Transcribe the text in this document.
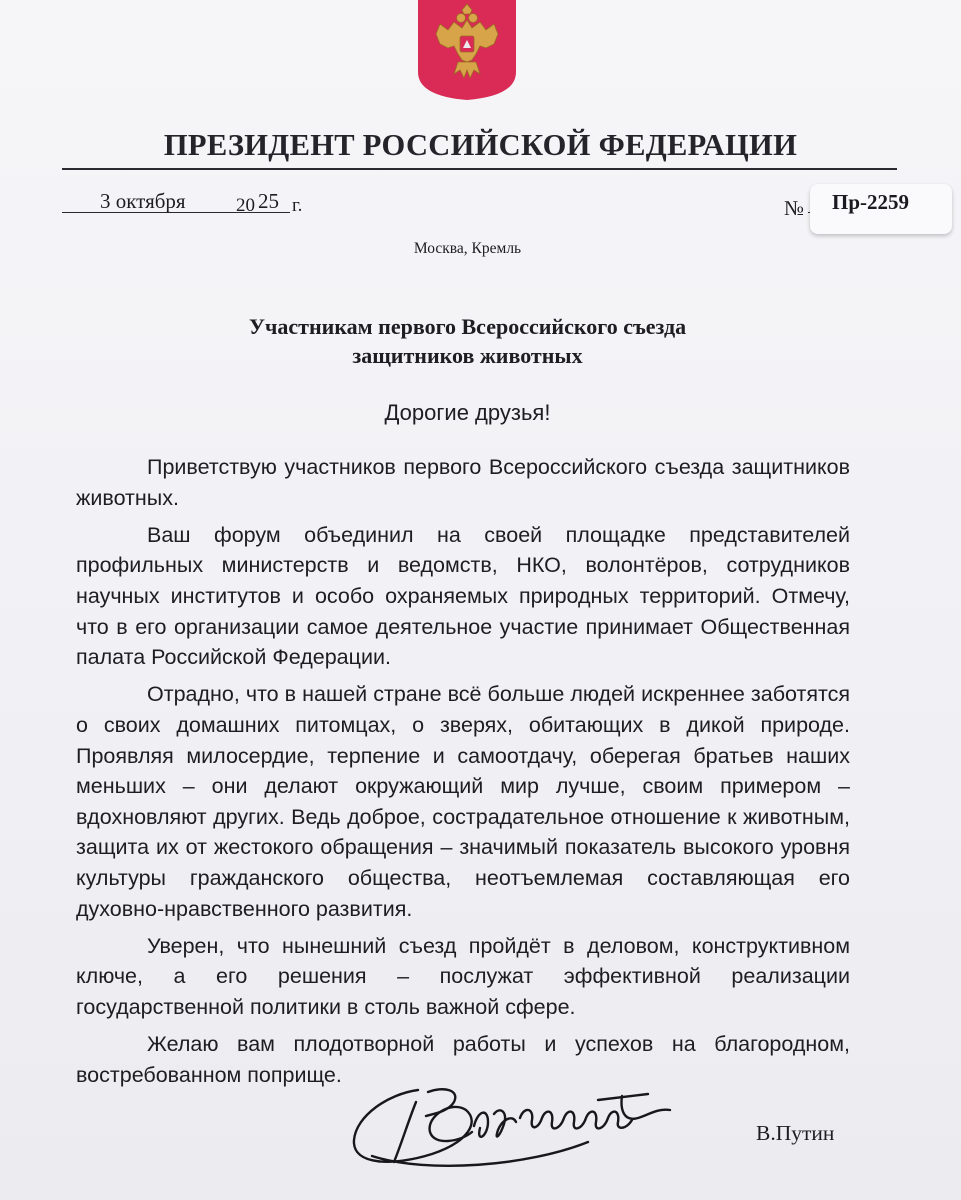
ПРЕЗИДЕНТ РОССИЙСКОЙ ФЕДЕРАЦИИ
3 октября	20 25 г.	№ Пр-2259
Москва, Кремль
Участникам первого Всероссийского съезда
защитников животных
Дорогие друзья!

Приветствую участников первого Всероссийского съезда защитников животных.

Ваш форум объединил на своей площадке представителей профильных министерств и ведомств, НКО, волонтёров, сотрудников научных институтов и особо охраняемых природных территорий. Отмечу, что в его организации самое деятельное участие принимает Общественная палата Российской Федерации.

Отрадно, что в нашей стране всё больше людей искреннее заботятся о своих домашних питомцах, о зверях, обитающих в дикой природе. Проявляя милосердие, терпение и самоотдачу, оберегая братьев наших меньших – они делают окружающий мир лучше, своим примером – вдохновляют других. Ведь доброе, сострадательное отношение к животным, защита их от жестокого обращения – значимый показатель высокого уровня культуры гражданского общества, неотъемлемая составляющая его духовно-нравственного развития.

Уверен, что нынешний съезд пройдёт в деловом, конструктивном ключе, а его решения – послужат эффективной реализации государственной политики в столь важной сфере.

Желаю вам плодотворной работы и успехов на благородном, востребованном поприще.

В.Путин
